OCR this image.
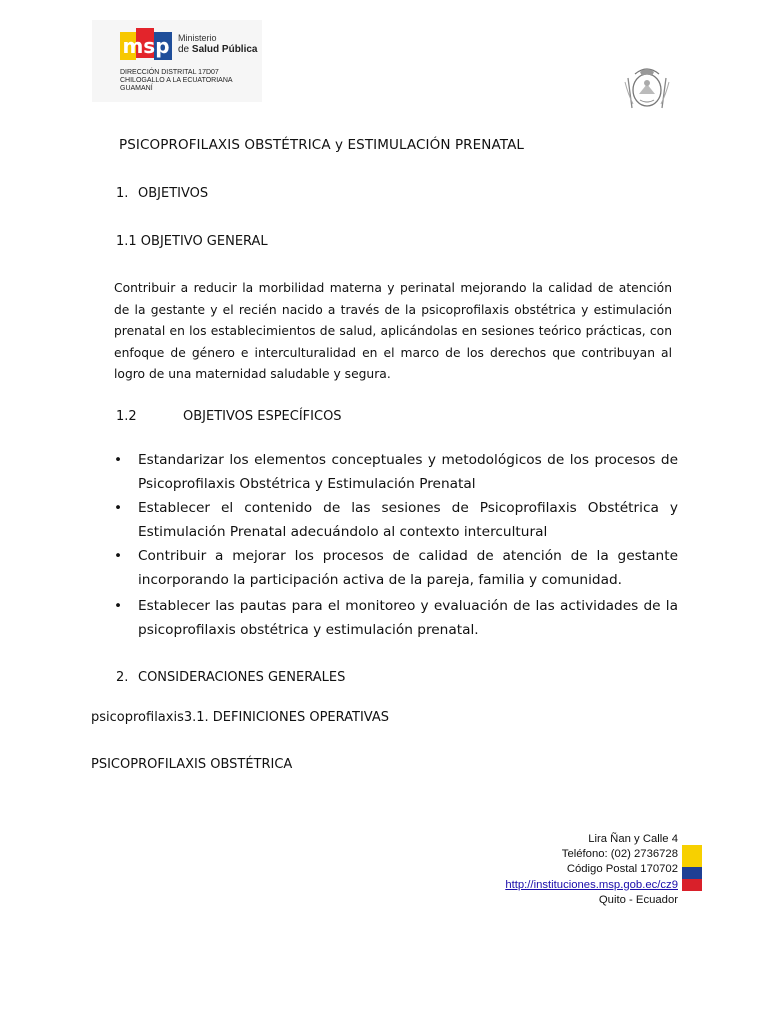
msp Ministerio
de Salud Pública
DIRECCIÓN DISTRITAL 17D07
CHILOGALLO A LA ECUATORIANA
GUAMANÍ
PSICOPROFILAXIS OBSTÉTRICA y ESTIMULACIÓN PRENATAL
1. OBJETIVOS
1.1 OBJETIVO GENERAL
Contribuir a reducir la morbilidad materna y perinatal mejorando la calidad de atención de la gestante y el recién nacido a través de la psicoprofilaxis obstétrica y estimulación prenatal en los establecimientos de salud, aplicándolas en sesiones teórico prácticas, con enfoque de género e interculturalidad en el marco de los derechos que contribuyan al logro de una maternidad saludable y segura.
1.2	OBJETIVOS ESPECÍFICOS
• Estandarizar los elementos conceptuales y metodológicos de los procesos de Psicoprofilaxis Obstétrica y Estimulación Prenatal
• Establecer el contenido de las sesiones de Psicoprofilaxis Obstétrica y Estimulación Prenatal adecuándolo al contexto intercultural
• Contribuir a mejorar los procesos de calidad de atención de la gestante incorporando la participación activa de la pareja, familia y comunidad.
• Establecer las pautas para el monitoreo y evaluación de las actividades de la psicoprofilaxis obstétrica y estimulación prenatal.
2. CONSIDERACIONES GENERALES
psicoprofilaxis3.1. DEFINICIONES OPERATIVAS
PSICOPROFILAXIS OBSTÉTRICA
Lira Ñan y Calle 4
Teléfono: (02) 2736728
Código Postal 170702
http://instituciones.msp.gob.ec/cz9
Quito - Ecuador
